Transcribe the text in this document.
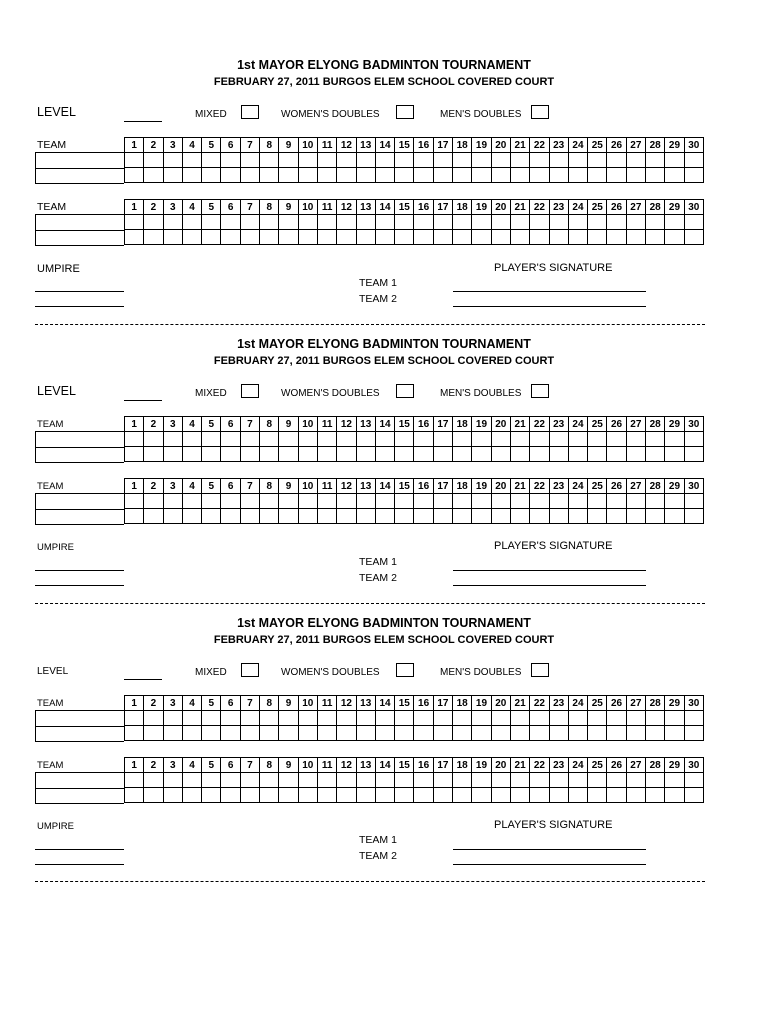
1st MAYOR ELYONG BADMINTON TOURNAMENT
FEBRUARY 27, 2011 BURGOS ELEM SCHOOL COVERED COURT
LEVEL	MIXED	WOMEN'S DOUBLES	MEN'S DOUBLES
TEAM	1	2	3	4	5	6	7	8	9	10	11	12	13	14	15	16	17	18	19	20	21	22	23	24	25	26	27	28	29	30

TEAM	1	2	3	4	5	6	7	8	9	10	11	12	13	14	15	16	17	18	19	20	21	22	23	24	25	26	27	28	29	30

UMPIRE	PLAYER'S SIGNATURE
TEAM 1
TEAM 2
1st MAYOR ELYONG BADMINTON TOURNAMENT
FEBRUARY 27, 2011 BURGOS ELEM SCHOOL COVERED COURT
LEVEL	MIXED	WOMEN'S DOUBLES	MEN'S DOUBLES
TEAM	1	2	3	4	5	6	7	8	9	10	11	12	13	14	15	16	17	18	19	20	21	22	23	24	25	26	27	28	29	30

TEAM	1	2	3	4	5	6	7	8	9	10	11	12	13	14	15	16	17	18	19	20	21	22	23	24	25	26	27	28	29	30

UMPIRE	PLAYER'S SIGNATURE
TEAM 1
TEAM 2
1st MAYOR ELYONG BADMINTON TOURNAMENT
FEBRUARY 27, 2011 BURGOS ELEM SCHOOL COVERED COURT
LEVEL	MIXED	WOMEN'S DOUBLES	MEN'S DOUBLES
TEAM	1	2	3	4	5	6	7	8	9	10	11	12	13	14	15	16	17	18	19	20	21	22	23	24	25	26	27	28	29	30

TEAM	1	2	3	4	5	6	7	8	9	10	11	12	13	14	15	16	17	18	19	20	21	22	23	24	25	26	27	28	29	30

UMPIRE	PLAYER'S SIGNATURE
TEAM 1
TEAM 2
